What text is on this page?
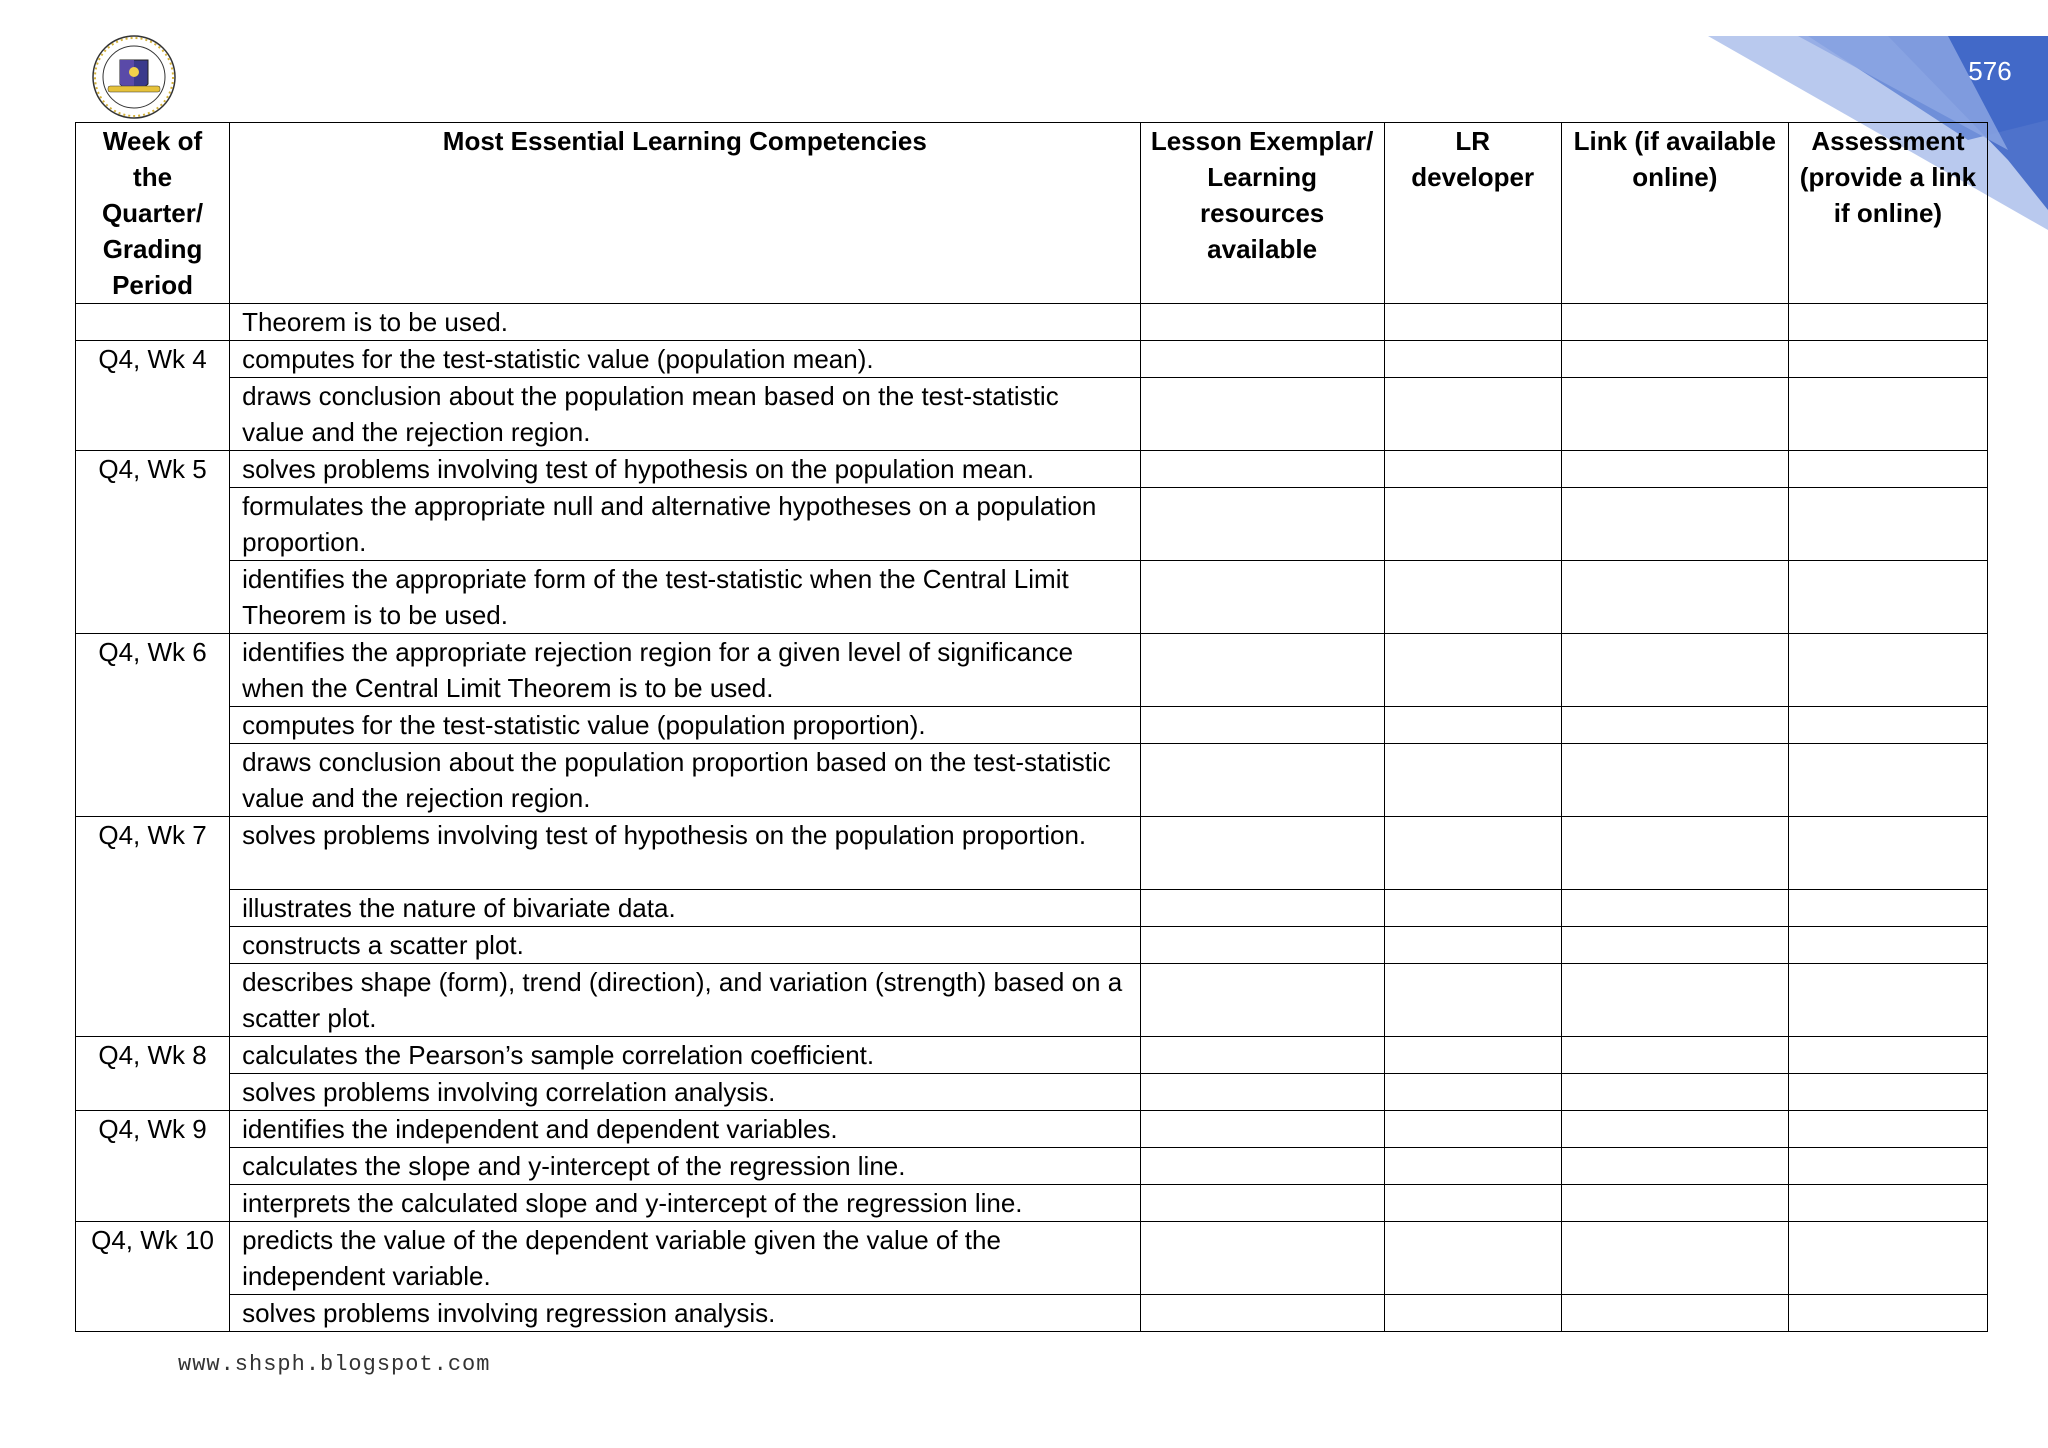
576
Week of the Quarter/ Grading Period	Most Essential Learning Competencies	Lesson Exemplar/ Learning resources available	LR developer	Link (if available online)	Assessment (provide a link if online)
	Theorem is to be used.				
Q4, Wk 4	computes for the test-statistic value (population mean).				
	draws conclusion about the population mean based on the test-statistic value and the rejection region.				
Q4, Wk 5	solves problems involving test of hypothesis on the population mean.				
	formulates the appropriate null and alternative hypotheses on a population proportion.				
	identifies the appropriate form of the test-statistic when the Central Limit Theorem is to be used.				
Q4, Wk 6	identifies the appropriate rejection region for a given level of significance when the Central Limit Theorem is to be used.				
	computes for the test-statistic value (population proportion).				
	draws conclusion about the population proportion based on the test-statistic value and the rejection region.				
Q4, Wk 7	solves problems involving test of hypothesis on the population proportion.				
	illustrates the nature of bivariate data.				
	constructs a scatter plot.				
	describes shape (form), trend (direction), and variation (strength) based on a scatter plot.				
Q4, Wk 8	calculates the Pearson’s sample correlation coefficient.				
	solves problems involving correlation analysis.				
Q4, Wk 9	identifies the independent and dependent variables.				
	calculates the slope and y-intercept of the regression line.				
	interprets the calculated slope and y-intercept of the regression line.				
Q4, Wk 10	predicts the value of the dependent variable given the value of the independent variable.				
	solves problems involving regression analysis.				
www.shsph.blogspot.com
